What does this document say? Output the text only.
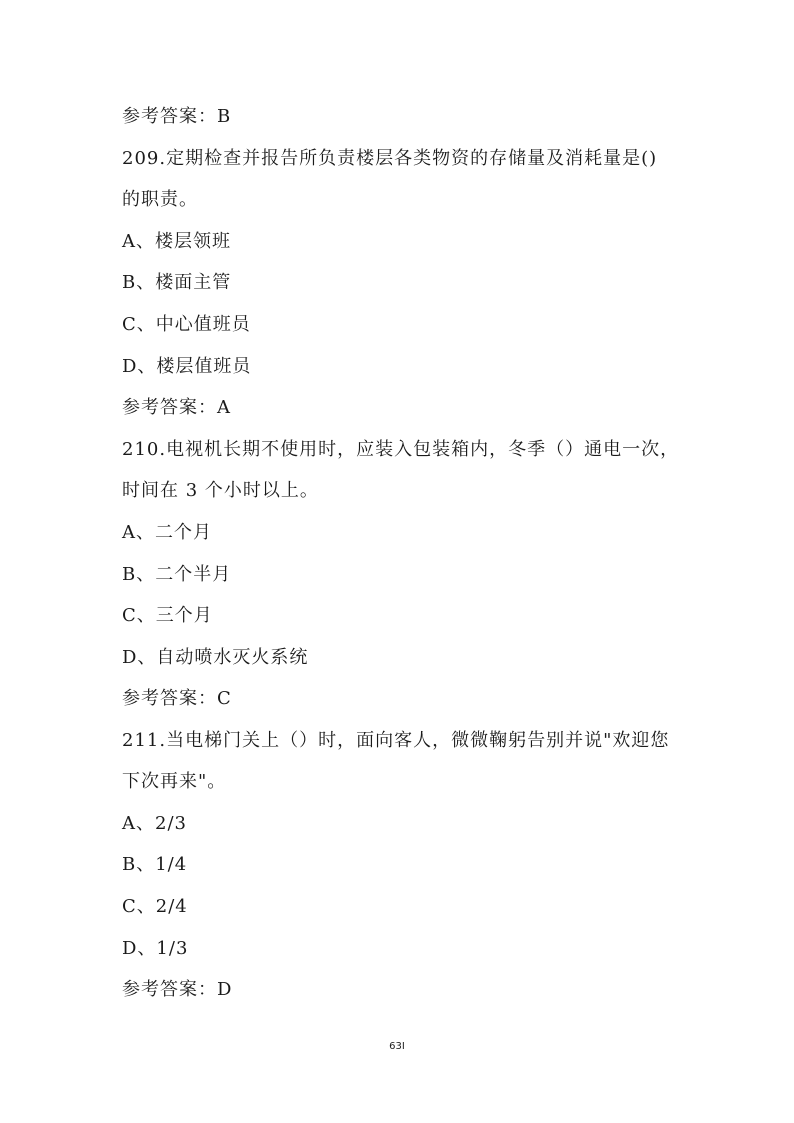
参考答案：B
209.定期检查并报告所负责楼层各类物资的存储量及消耗量是()
的职责。
A、楼层领班
B、楼面主管
C、中心值班员
D、楼层值班员
参考答案：A
210.电视机长期不使用时，应装入包装箱内，冬季（）通电一次，
时间在 3 个小时以上。
A、二个月
B、二个半月
C、三个月
D、自动喷水灭火系统
参考答案：C
211.当电梯门关上（）时，面向客人，微微鞠躬告别并说"欢迎您
下次再来"。
A、2/3
B、1/4
C、2/4
D、1/3
参考答案：D
63I
